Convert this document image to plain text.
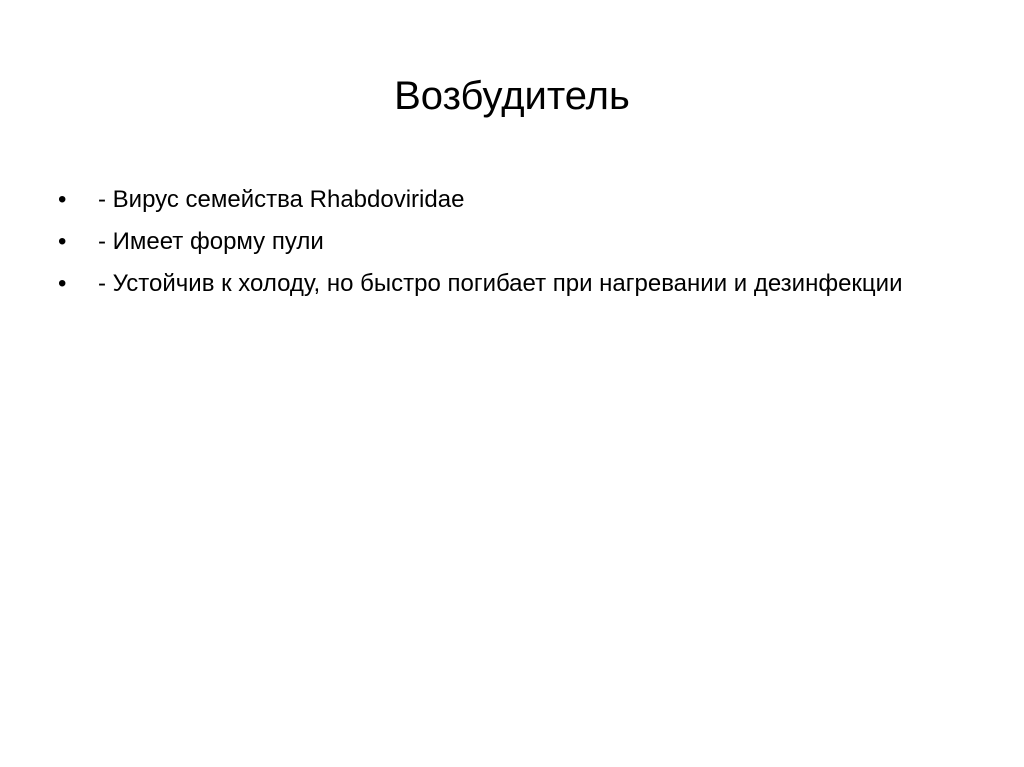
Возбудитель
•	- Вирус семейства Rhabdoviridae
•	- Имеет форму пули
•	- Устойчив к холоду, но быстро погибает при нагревании и дезинфекции
